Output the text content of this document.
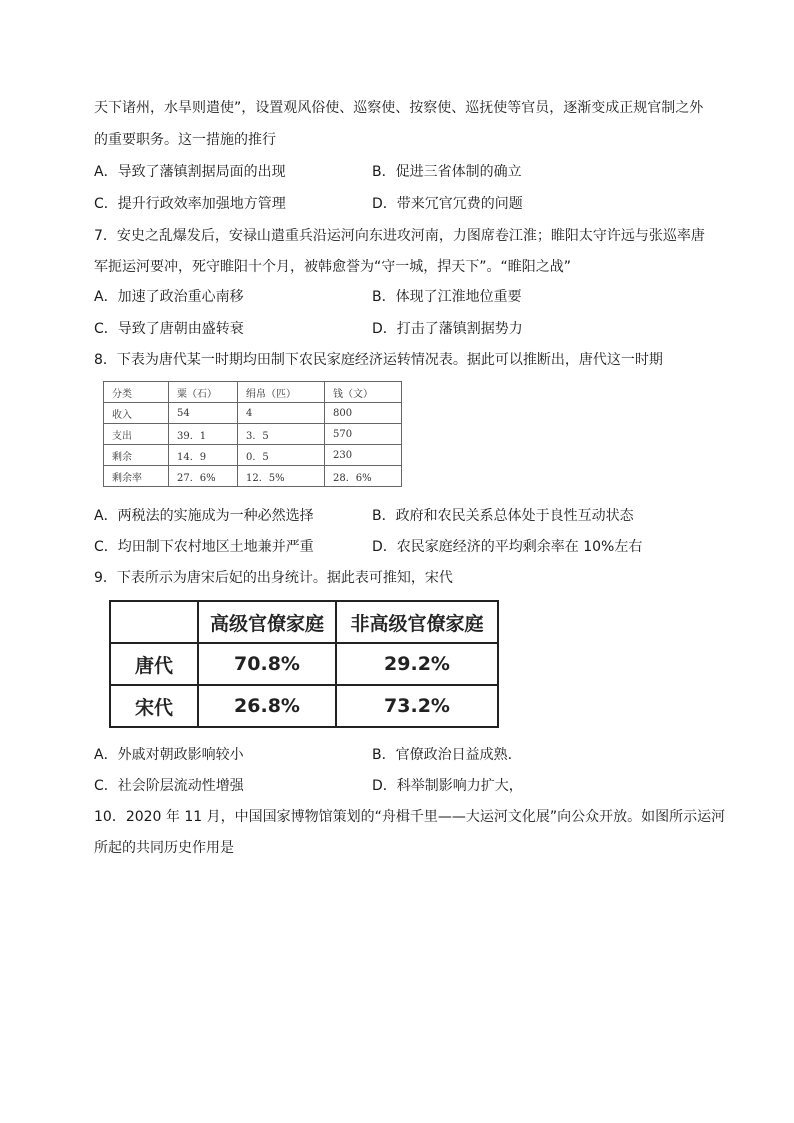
天下诸州，水旱则遣使”，设置观风俗使、巡察使、按察使、巡抚使等官员，逐渐变成正规官制之外
的重要职务。这一措施的推行
A．导致了藩镇割据局面的出现	B．促进三省体制的确立
C．提升行政效率加强地方管理	D．带来冗官冗费的问题
7．安史之乱爆发后，安禄山遣重兵沿运河向东进攻河南，力图席卷江淮；睢阳太守许远与张巡率唐
军扼运河要冲，死守睢阳十个月，被韩愈誉为“守一城，捍天下”。“睢阳之战”
A．加速了政治重心南移	B．体现了江淮地位重要
C．导致了唐朝由盛转衰	D．打击了藩镇割据势力
8．下表为唐代某一时期均田制下农民家庭经济运转情况表。据此可以推断出，唐代这一时期
分类	粟（石）	绢帛（匹）	钱（文）
收入	54	4	800
支出	39．1	3．5	570
剩余	14．9	0．5	230
剩余率	27．6%	12．5%	28．6%
A．两税法的实施成为一种必然选择	B．政府和农民关系总体处于良性互动状态
C．均田制下农村地区土地兼并严重	D．农民家庭经济的平均剩余率在 10%左右
9．下表所示为唐宋后妃的出身统计。据此表可推知，宋代
	高级官僚家庭	非高级官僚家庭
唐代	70.8%	29.2%
宋代	26.8%	73.2%
A．外戚对朝政影响较小	B．官僚政治日益成熟.
C．社会阶层流动性增强	D．科举制影响力扩大，
10．2020 年 11 月，中国国家博物馆策划的“舟楫千里——大运河文化展”向公众开放。如图所示运河
所起的共同历史作用是
